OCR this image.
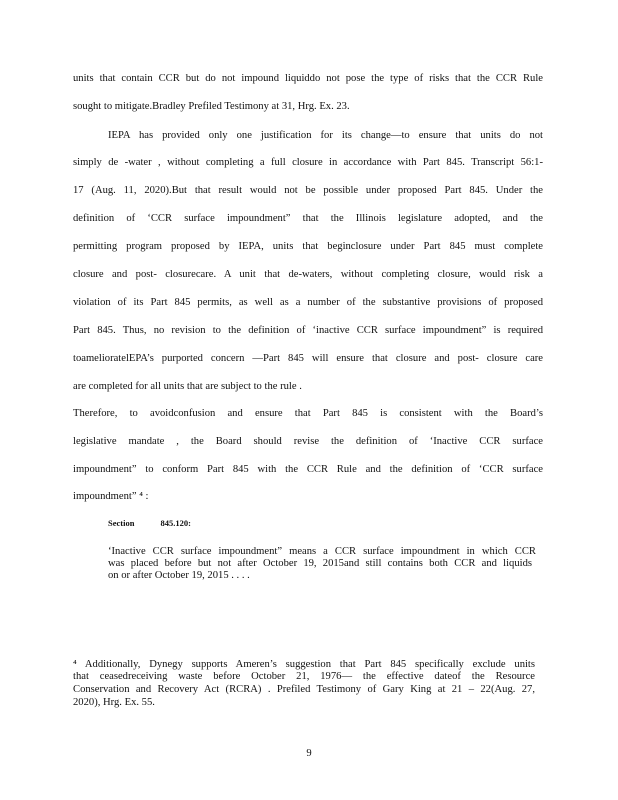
units that contain CCR but do not impound liquiddo not pose the type of risks that the CCR Rule
sought to mitigate.Bradley Prefiled Testimony at 31, Hrg. Ex. 23.
IEPA has provided only one justification for its change—to ensure that units do not
simply de -water , without completing a full closure in accordance with Part 845. Transcript 56:1-
17 (Aug. 11, 2020).But that result would not be possible under proposed Part 845. Under the
definition of ‘CCR surface impoundment” that the Illinois legislature adopted, and the
permitting program proposed by IEPA, units that beginclosure under Part 845 must complete
closure and post- closurecare. A unit that de-waters, without completing closure, would risk a
violation of its Part 845 permits, as well as a number of the substantive provisions of proposed
Part 845. Thus, no revision to the definition of ‘inactive CCR surface impoundment” is required
toamelioratelEPA’s purported concern —Part 845 will ensure that closure and post- closure care
are completed for all units that are subject to the rule .
Therefore, to avoidconfusion and ensure that Part 845 is consistent with the Board’s
legislative mandate , the Board should revise the definition of ‘Inactive CCR surface
impoundment” to conform Part 845 with the CCR Rule and the definition of ‘CCR surface
impoundment” ⁴ :
Section	845.120:
‘Inactive CCR surface impoundment” means a CCR surface impoundment in which CCR
was placed before but not after October 19, 2015and still contains both CCR and liquids
on or after October 19, 2015 . . . .
⁴ Additionally, Dynegy supports Ameren’s suggestion that Part 845 specifically exclude units
that ceasedreceiving waste before October 21, 1976— the effective dateof the Resource
Conservation and Recovery Act (RCRA) . Prefiled Testimony of Gary King at 21 – 22(Aug. 27,
2020), Hrg. Ex. 55.
9
